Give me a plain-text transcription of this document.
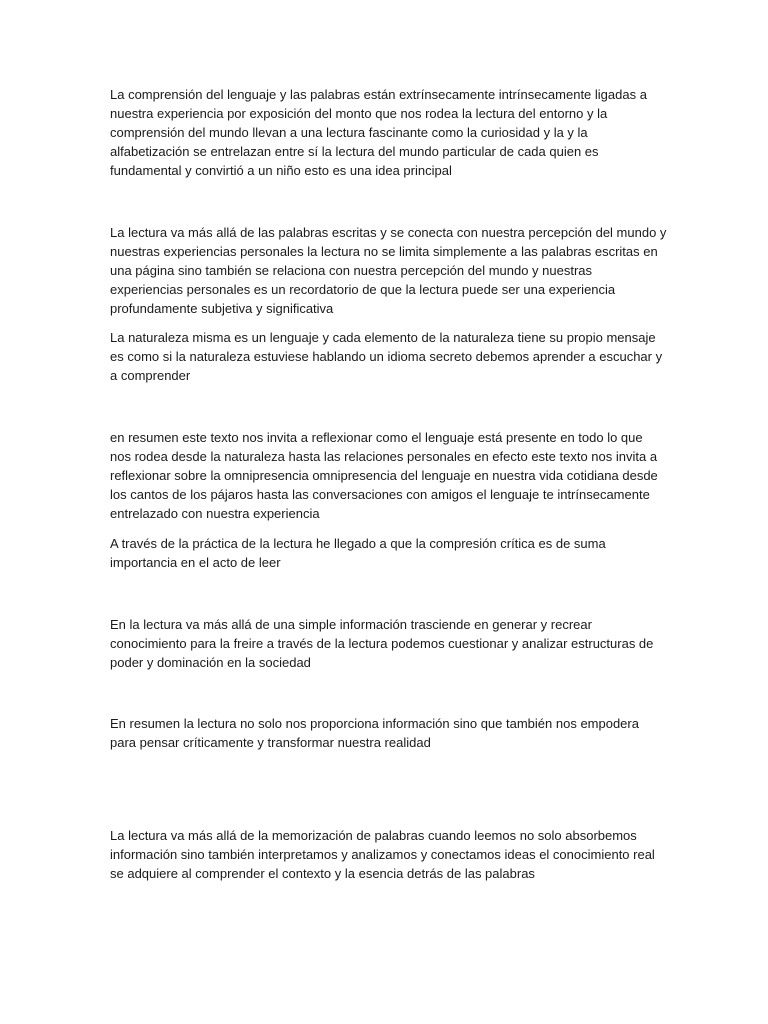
La comprensión del lenguaje y las palabras están extrínsecamente intrínsecamente ligadas a
nuestra experiencia por exposición del monto que nos rodea la lectura del entorno y la
comprensión del mundo llevan a una lectura fascinante como la curiosidad y la y la
alfabetización se entrelazan entre sí la lectura del mundo particular de cada quien es
fundamental y convirtió a un niño esto es una idea principal

La lectura va más allá de las palabras escritas y se conecta con nuestra percepción del mundo y
nuestras experiencias personales la lectura no se limita simplemente a las palabras escritas en
una página sino también se relaciona con nuestra percepción del mundo y nuestras
experiencias personales es un recordatorio de que la lectura puede ser una experiencia
profundamente subjetiva y significativa

La naturaleza misma es un lenguaje y cada elemento de la naturaleza tiene su propio mensaje
es como si la naturaleza estuviese hablando un idioma secreto debemos aprender a escuchar y
a comprender

en resumen este texto nos invita a reflexionar como el lenguaje está presente en todo lo que
nos rodea desde la naturaleza hasta las relaciones personales en efecto este texto nos invita a
reflexionar sobre la omnipresencia omnipresencia del lenguaje en nuestra vida cotidiana desde
los cantos de los pájaros hasta las conversaciones con amigos el lenguaje te intrínsecamente
entrelazado con nuestra experiencia

A través de la práctica de la lectura he llegado a que la compresión crítica es de suma
importancia en el acto de leer

En la lectura va más allá de una simple información trasciende en generar y recrear
conocimiento para la freire a través de la lectura podemos cuestionar y analizar estructuras de
poder y dominación en la sociedad

En resumen la lectura no solo nos proporciona información sino que también nos empodera
para pensar críticamente y transformar nuestra realidad

La lectura va más allá de la memorización de palabras cuando leemos no solo absorbemos
información sino también interpretamos y analizamos y conectamos ideas el conocimiento real
se adquiere al comprender el contexto y la esencia detrás de las palabras
